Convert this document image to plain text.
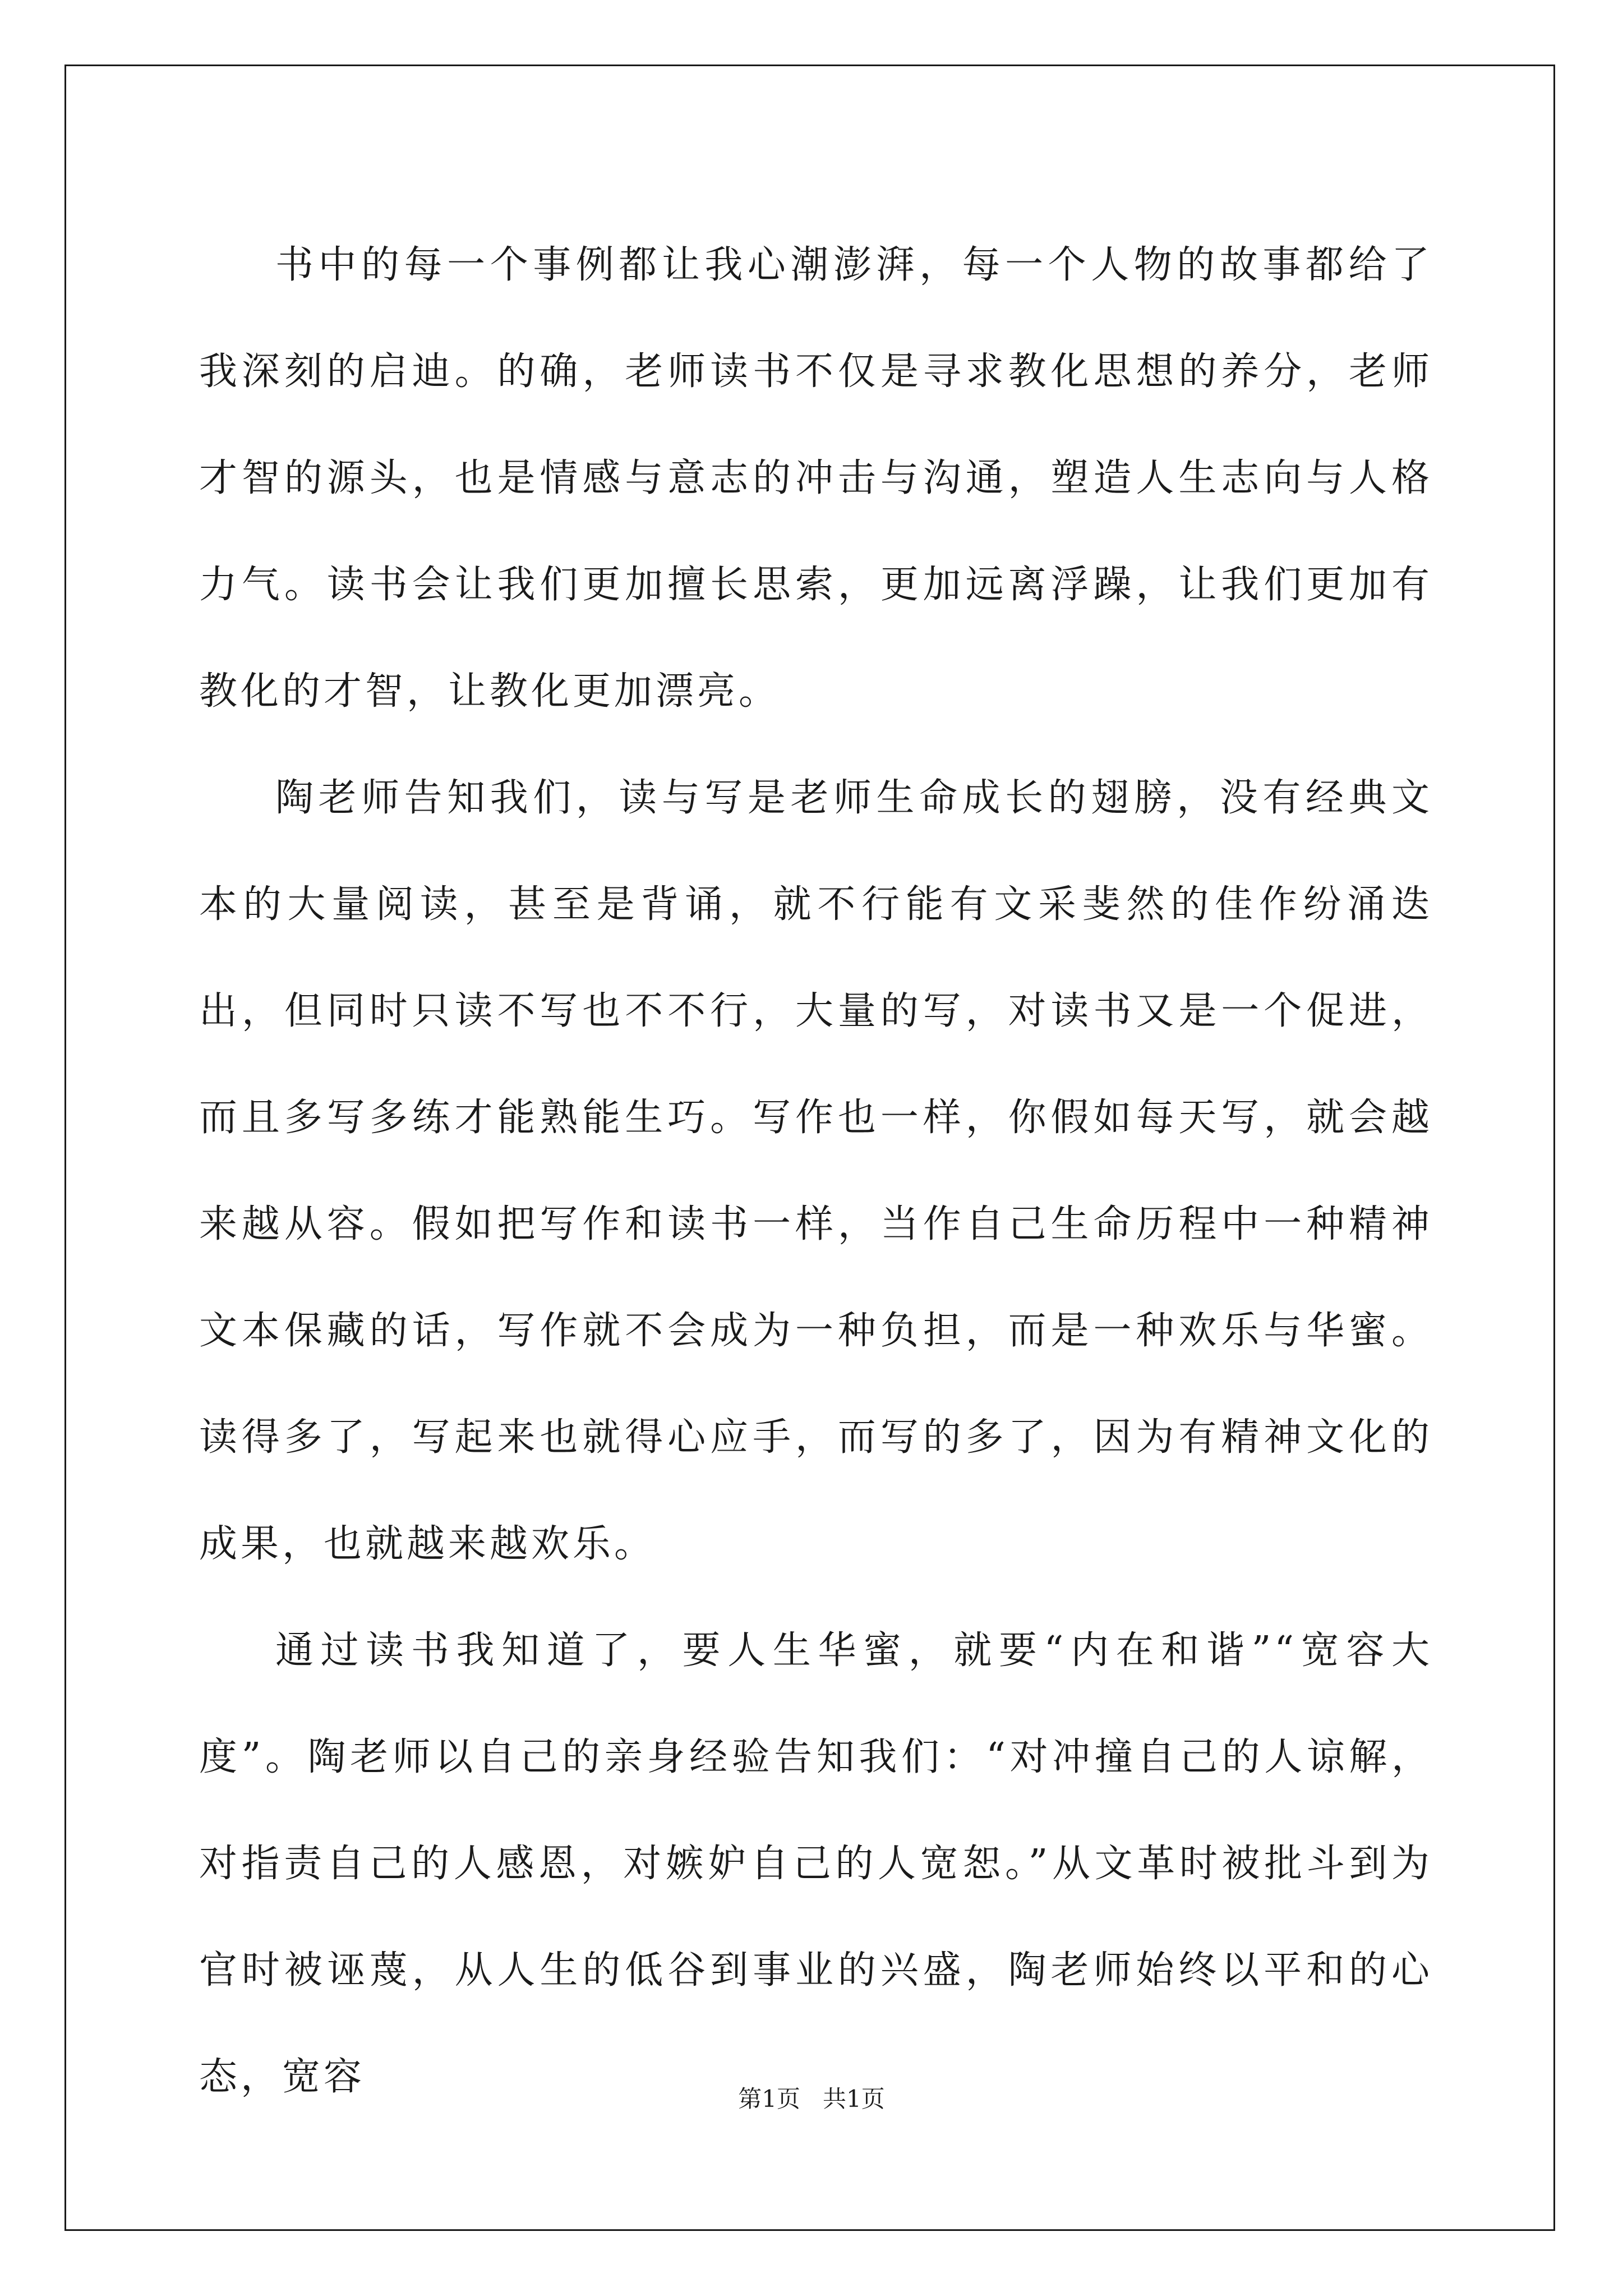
书中的每一个事例都让我心潮澎湃，每一个人物的故事都给了我深刻的启迪。的确，老师读书不仅是寻求教化思想的养分，老师才智的源头，也是情感与意志的冲击与沟通，塑造人生志向与人格力气。读书会让我们更加擅长思索，更加远离浮躁，让我们更加有教化的才智，让教化更加漂亮。

陶老师告知我们，读与写是老师生命成长的翅膀，没有经典文本的大量阅读，甚至是背诵，就不行能有文采斐然的佳作纷涌迭出，但同时只读不写也不不行，大量的写，对读书又是一个促进，而且多写多练才能熟能生巧。写作也一样，你假如每天写，就会越来越从容。假如把写作和读书一样，当作自己生命历程中一种精神文本保藏的话，写作就不会成为一种负担，而是一种欢乐与华蜜。读得多了，写起来也就得心应手，而写的多了，因为有精神文化的成果，也就越来越欢乐。

通过读书我知道了，要人生华蜜，就要“内在和谐”“宽容大度”。陶老师以自己的亲身经验告知我们：“对冲撞自己的人谅解，对指责自己的人感恩，对嫉妒自己的人宽恕。”从文革时被批斗到为官时被诬蔑，从人生的低谷到事业的兴盛，陶老师始终以平和的心态，宽容	第1页 共1页
